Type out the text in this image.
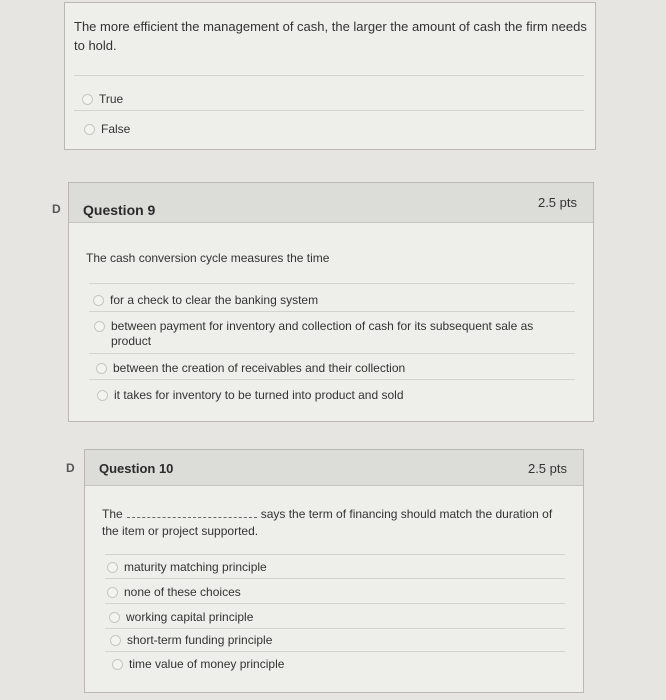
The more efficient the management of cash, the larger the amount of cash the firm needs to hold.
True
False
D Question 9	2.5 pts
The cash conversion cycle measures the time
for a check to clear the banking system
between payment for inventory and collection of cash for its subsequent sale as product
between the creation of receivables and their collection
it takes for inventory to be turned into product and sold
D Question 10	2.5 pts
The	says the term of financing should match the duration of the item or project supported.
maturity matching principle
none of these choices
working capital principle
short-term funding principle
time value of money principle
